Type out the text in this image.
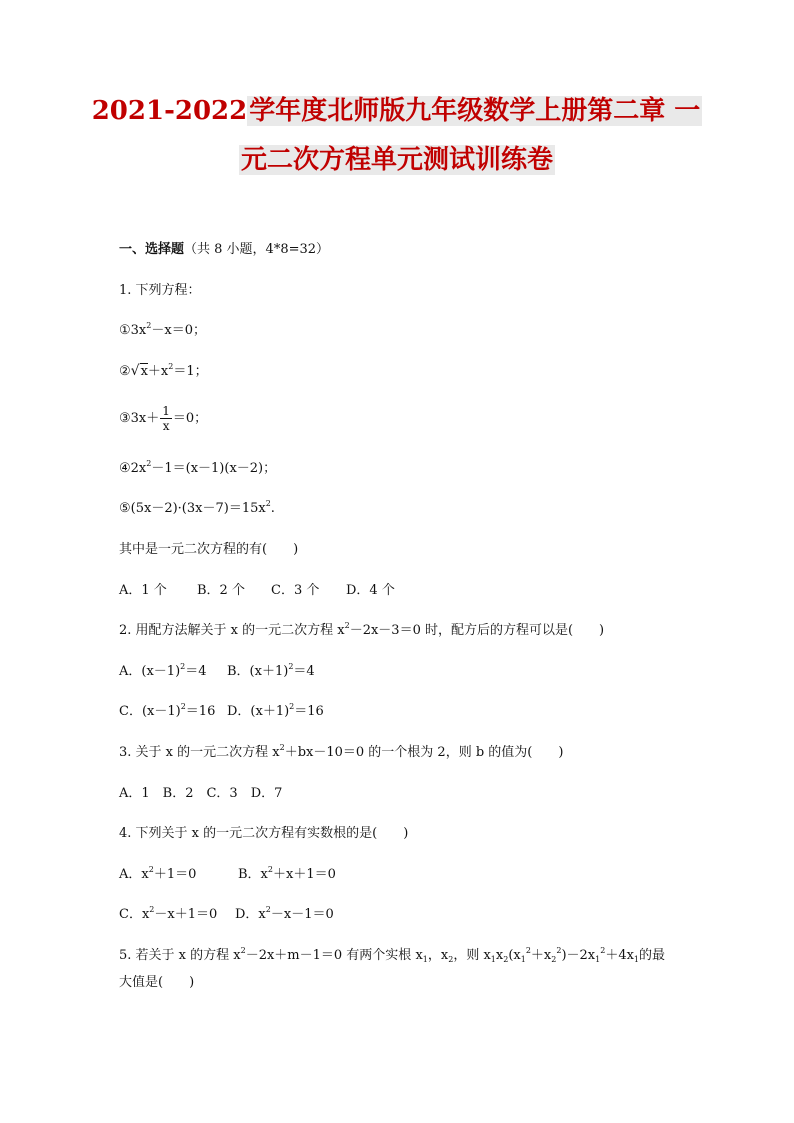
2021-2022学年度北师版九年级数学上册第二章 一
元二次方程单元测试训练卷
一、选择题（共 8 小题，4*8=32）
1. 下列方程：
$①3x^2-x=0$；
$②√x+x^2=1$；
③3x＋ $\frac{1}{x} =0$；
$④2x^2-1=(x-1)(x-2)$；
$⑤(5x-2)\cdot(3x-7)=15x^2$.
其中是一元二次方程的有(　　)
A．1 个 B．2 个 C．3 个 D．4 个
2. 用配方法解关于 x 的一元二次方程 $x^2-2x-3=0$ 时，配方后的方程可以是(　　)
A．$(x-1)^2=4$ B．$(x+1)^2=4$
C．$(x-1)^2=16$ D．$(x+1)^2=16$
3. 关于 x 的一元二次方程 $x^2+bx-10=0$ 的一个根为 2，则 b 的值为(　　)
A．1　B．2　C．3　D．7
4. 下列关于 x 的一元二次方程有实数根的是(　　)
A．$x^2+1=0$	B．$x^2+x+1=0$
C．$x^2-x+1=0$ D．$x^2-x-1=0$
5. 若关于 x 的方程 $x^2-2x+m-1=0$ 有两个实根 $x_1$，$x_2$，则 $x_1x_2(x_1^2+x_2^2)-2x_1^2+4x_1$的最
大值是(　　)
